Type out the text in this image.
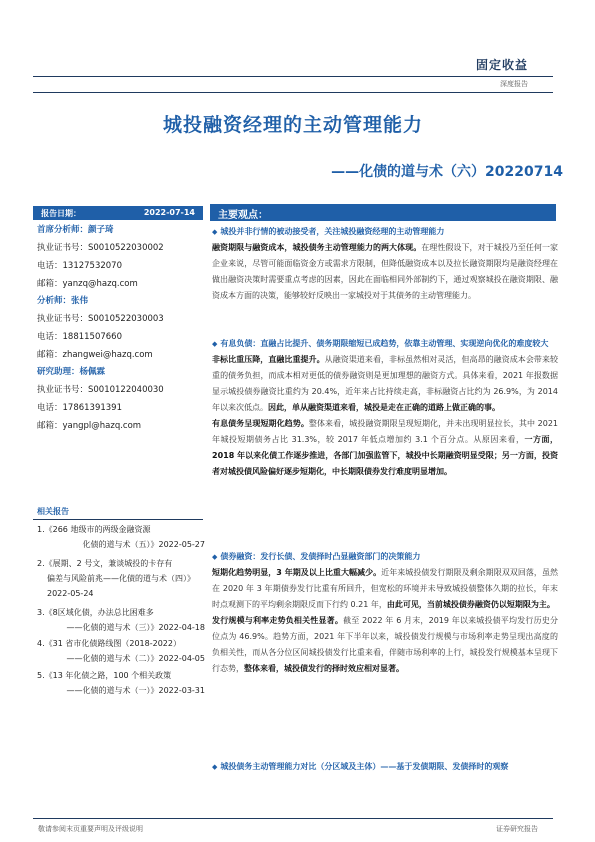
固定收益
深度报告
城投融资经理的主动管理能力
——化债的道与术（六）20220714
报告日期：	2022-07-14
首席分析师：颜子琦
执业证书号：S0010522030002
电话：13127532070
邮箱：yanzq@hazq.com
分析师：张伟
执业证书号：S0010522030003
电话：18811507660
邮箱：zhangwei@hazq.com
研究助理：杨佩霖
执业证书号：S0010122040030
电话：17861391391
邮箱：yangpl@hazq.com
相关报告
1.《266 地级市的两级金融资源
化债的道与术（五）》2022-05-27
2.《展期、2 号文，兼谈城投的卡存有
偏差与风险前兆——化债的道与术（四）》2022-05-24
3.《8区域化债，办法总比困难多
——化债的道与术（三）》2022-04-18
4.《31 省市化债路线图（2018-2022）
——化债的道与术（二）》2022-04-05
5.《13 年化债之路，100 个相关政策
——化债的道与术（一）》2022-03-31
主要观点：
◆ 城投并非行情的被动接受者，关注城投融资经理的主动管理能力
融资期限与融资成本，城投债务主动管理能力的两大体现。在理性假设下，对于城投乃至任何一家企业来说，尽管可能面临资金方或需求方限制，但降低融资成本以及拉长融资期限均是融资经理在做出融资决策时需要重点考虑的因素，因此在面临相同外部制约下，通过观察城投在融资期限、融资成本方面的决策，能够较好反映出一家城投对于其债务的主动管理能力。
◆ 有息负债：直融占比提升、债务期限缩短已成趋势，依靠主动管理、实现逆向优化的难度较大
非标比重压降，直融比重提升。从融资渠道来看，非标虽然相对灵活，但高昂的融资成本会带来较重的债务负担，而成本相对更低的债券融资则是更加理想的融资方式。具体来看，2021 年报数据显示城投债券融资比重约为 20.4%，近年来占比持续走高，非标融资占比约为 26.9%，为 2014 年以来次低点。因此，单从融资渠道来看，城投是走在正确的道路上做正确的事。
有息债务呈现短期化趋势。整体来看，城投融资期限呈现短期化，并未出现明显拉长，其中 2021 年城投短期债务占比 31.3%，较 2017 年低点增加约 3.1 个百分点。从原因来看，一方面，2018 年以来化债工作逐步推进，各部门加强监管下，城投中长期融资明显受限；另一方面，投资者对城投债风险偏好逐步短期化，中长期限债券发行难度明显增加。
◆ 债券融资：发行长债、发债择时凸显融资部门的决策能力
短期化趋势明显，3 年期及以上比重大幅减少。近年来城投债发行期限及剩余期限双双回落，虽然在 2020 年 3 年期债券发行比重有所回升，但宽松的环境并未导致城投债整体久期的拉长，年末时点观测下的平均剩余期限反而下行约 0.21 年，由此可见，当前城投债券融资仍以短期限为主。
发行规模与利率走势负相关性显著。截至 2022 年 6 月末，2019 年以来城投债平均发行历史分位点为 46.9%。趋势方面，2021 年下半年以来，城投债发行规模与市场利率走势呈现出高度的负相关性，而从各分位区间城投债发行比重来看，伴随市场利率的上行，城投发行规模基本呈现下行态势，整体来看，城投债发行的择时效应相对显著。
◆ 城投债务主动管理能力对比（分区域及主体）——基于发债期限、发债择时的观察
敬请参阅末页重要声明及评级说明	证券研究报告
